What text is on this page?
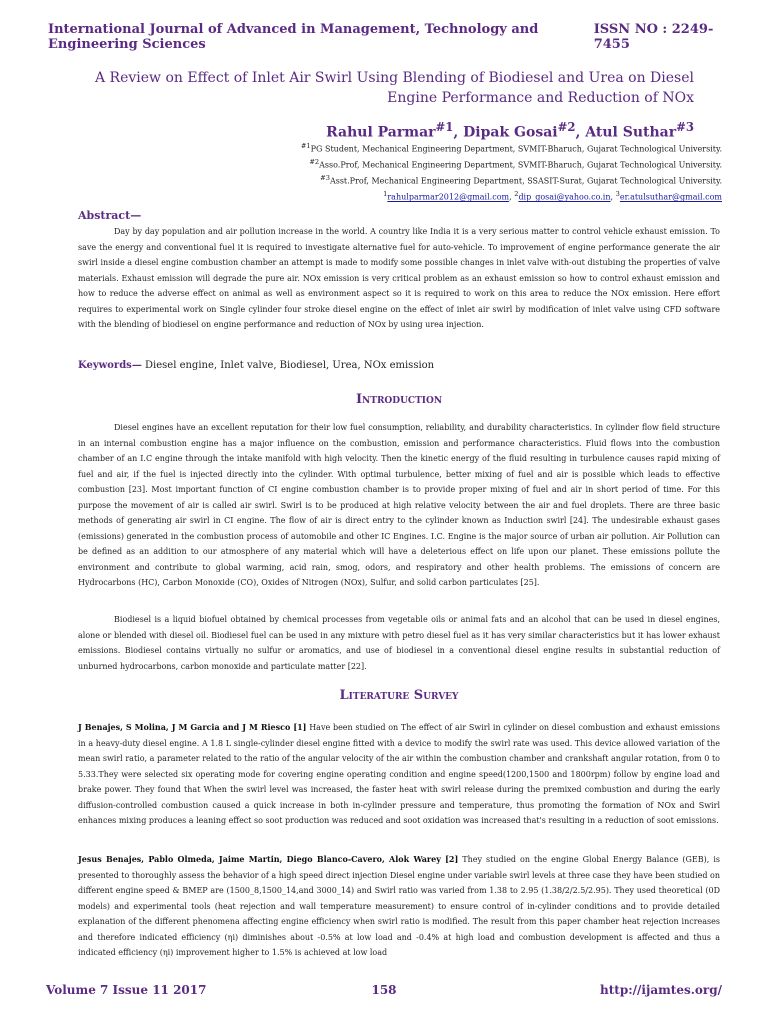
International Journal of Advanced in Management, Technology and Engineering Sciences
ISSN NO : 2249-7455
A Review on Effect of Inlet Air Swirl Using Blending of Biodiesel and Urea on Diesel
Engine Performance and Reduction of NOx
Rahul Parmar$^{\#1}$, Dipak Gosai$^{\#2}$, Atul Suthar$^{\#3}$
$^{\#1}$PG Student, Mechanical Engineering Department, SVMIT-Bharuch, Gujarat Technological University.
$^{\#2}$Asso.Prof, Mechanical Engineering Department, SVMIT-Bharuch, Gujarat Technological University.
$^{\#3}$Asst.Prof, Mechanical Engineering Department, SSASIT-Surat, Gujarat Technological University.
$^1$rahulparmar2012@gmail.com, $^2$dip_gosai@yahoo.co.in, $^3$er.atulsuthar@gmail.com
Abstract—

Day by day population and air pollution increase in the world. A country like India it is a very serious matter to control vehicle exhaust emission. To save the energy and conventional fuel it is required to investigate alternative fuel for auto-vehicle. To improvement of engine performance generate the air swirl inside a diesel engine combustion chamber an attempt is made to modify some possible changes in inlet valve with-out distubing the properties of valve materials. Exhaust emission will degrade the pure air. NOx emission is very critical problem as an exhaust emission so how to control exhaust emission and how to reduce the adverse effect on animal as well as environment aspect so it is required to work on this area to reduce the NOx emission. Here effort requires to experimental work on Single cylinder four stroke diesel engine on the effect of inlet air swirl by modification of inlet valve using CFD software with the blending of biodiesel on engine performance and reduction of NOx by using urea injection.

Keywords— Diesel engine, Inlet valve, Biodiesel, Urea, NOx emission
Introduction

Diesel engines have an excellent reputation for their low fuel consumption, reliability, and durability characteristics. In cylinder flow field structure in an internal combustion engine has a major influence on the combustion, emission and performance characteristics. Fluid flows into the combustion chamber of an I.C engine through the intake manifold with high velocity. Then the kinetic energy of the fluid resulting in turbulence causes rapid mixing of fuel and air, if the fuel is injected directly into the cylinder. With optimal turbulence, better mixing of fuel and air is possible which leads to effective combustion [23]. Most important function of CI engine combustion chamber is to provide proper mixing of fuel and air in short period of time. For this purpose the movement of air is called air swirl. Swirl is to be produced at high relative velocity between the air and fuel droplets. There are three basic methods of generating air swirl in CI engine. The flow of air is direct entry to the cylinder known as Induction swirl [24]. The undesirable exhaust gases (emissions) generated in the combustion process of automobile and other IC Engines. I.C. Engine is the major source of urban air pollution. Air Pollution can be defined as an addition to our atmosphere of any material which will have a deleterious effect on life upon our planet. These emissions pollute the environment and contribute to global warming, acid rain, smog, odors, and respiratory and other health problems. The emissions of concern are Hydrocarbons (HC), Carbon Monoxide (CO), Oxides of Nitrogen (NOx), Sulfur, and solid carbon particulates [25].

Biodiesel is a liquid biofuel obtained by chemical processes from vegetable oils or animal fats and an alcohol that can be used in diesel engines, alone or blended with diesel oil. Biodiesel fuel can be used in any mixture with petro diesel fuel as it has very similar characteristics but it has lower exhaust emissions. Biodiesel contains virtually no sulfur or aromatics, and use of biodiesel in a conventional diesel engine results in substantial reduction of unburned hydrocarbons, carbon monoxide and particulate matter [22].

Literature Survey

J Benajes, S Molina, J M Garcia and J M Riesco [1] Have been studied on The effect of air Swirl in cylinder on diesel combustion and exhaust emissions in a heavy-duty diesel engine. A 1.8 L single-cylinder diesel engine fitted with a device to modify the swirl rate was used. This device allowed variation of the mean swirl ratio, a parameter related to the ratio of the angular velocity of the air within the combustion chamber and crankshaft angular rotation, from 0 to 5.33.They were selected six operating mode for covering engine operating condition and engine speed(1200,1500 and 1800rpm) follow by engine load and brake power. They found that When the swirl level was increased, the faster heat with swirl release during the premixed combustion and during the early diffusion-controlled combustion caused a quick increase in both in-cylinder pressure and temperature, thus promoting the formation of NOx and Swirl enhances mixing produces a leaning effect so soot production was reduced and soot oxidation was increased that's resulting in a reduction of soot emissions.

Jesus Benajes, Pablo Olmeda, Jaime Martin, Diego Blanco-Cavero, Alok Warey [2] They studied on the engine Global Energy Balance (GEB), is presented to thoroughly assess the behavior of a high speed direct injection Diesel engine under variable swirl levels at three case they have been studied on different engine speed & BMEP are (1500_8,1500_14,and 3000_14) and Swirl ratio was varied from 1.38 to 2.95 (1.38/2/2.5/2.95). They used theoretical (0D models) and experimental tools (heat rejection and wall temperature measurement) to ensure control of in-cylinder conditions and to provide detailed explanation of the different phenomena affecting engine efficiency when swirl ratio is modified. The result from this paper chamber heat rejection increases and therefore indicated efficiency (ηi) diminishes about -0.5% at low load and -0.4% at high load and combustion development is affected and thus a indicated efficiency (ηi) improvement higher to 1.5% is achieved at low load

Volume 7 Issue 11 2017	158	http://ijamtes.org/
